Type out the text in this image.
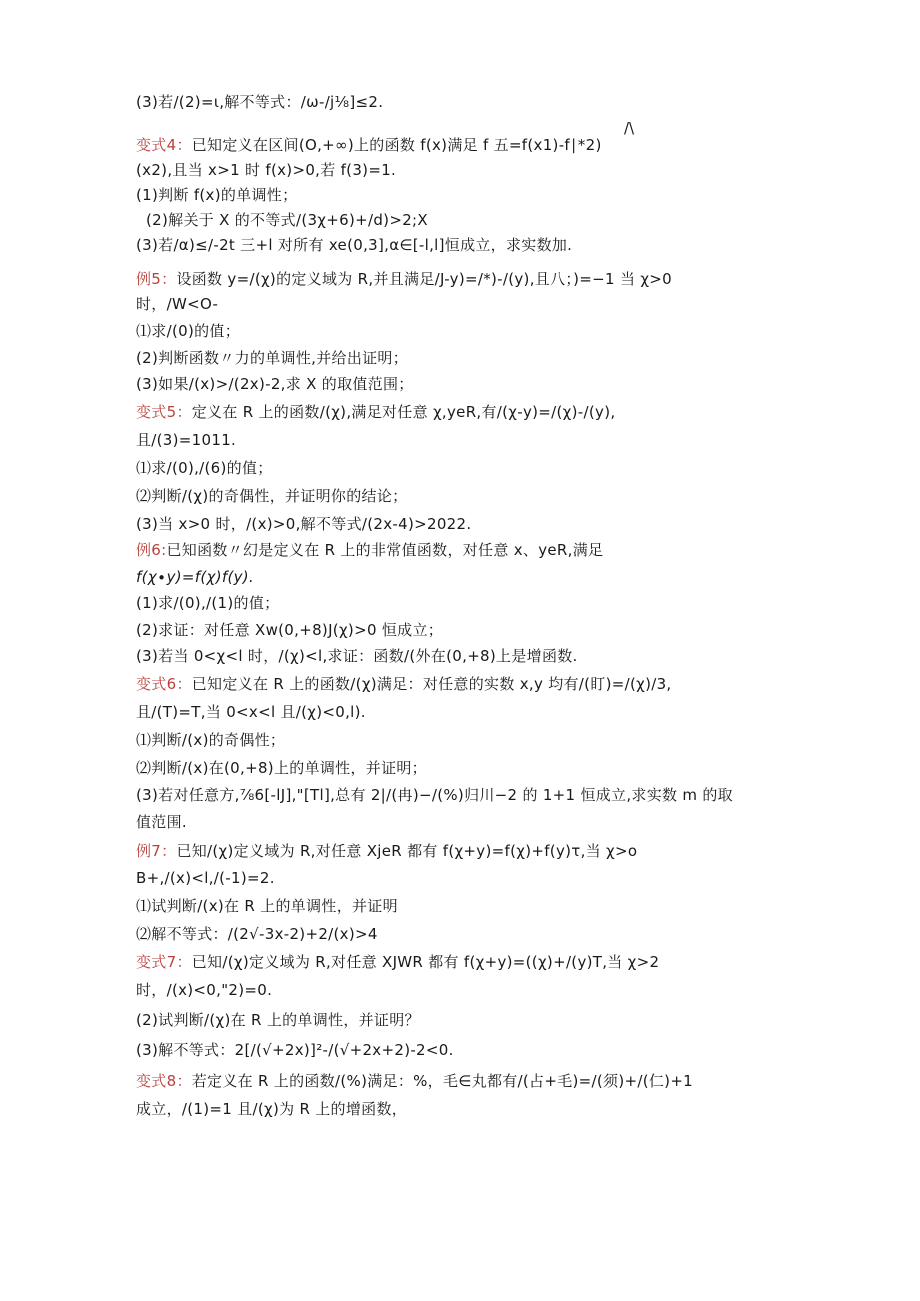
/\
(3)若/(2)=ι,解不等式：/ω-/j⅛]≤2.
变式4：已知定义在区间(O,+∞)上的函数 f(x)满足 f 五=f(x1)-f∣*2)
(x2),且当 x>1 时 f(x)>0,若 f(3)=1.
(1)判断 f(x)的单调性；
(2)解关于 X 的不等式/(3χ+6)+/d)>2;X
(3)若/α)≤/-2t 三+l 对所有 xe(0,3],α∈[-l,l]恒成立，求实数加.
例5：设函数 y=/(χ)的定义域为 R,并且满足/J-y)=/*)-/(y),且八；)=−1 当 χ>0
时，/W<O-
⑴求/(0)的值；
(2)判断函数〃力的单调性,并给出证明；
(3)如果/(x)>/(2x)-2,求 X 的取值范围；
变式5：定义在 R 上的函数/(χ),满足对任意 χ,yeR,有/(χ-y)=/(χ)-/(y),
且/(3)=1011.
⑴求/(0),/(6)的值；
⑵判断/(χ)的奇偶性，并证明你的结论；
(3)当 x>0 时，/(x)>0,解不等式/(2x-4)>2022.
例6:已知函数〃幻是定义在 R 上的非常值函数，对任意 x、yeR,满足
f(χ∙y)=f(χ)f(y).
(1)求/(0),/(1)的值；
(2)求证：对任意 Xw(0,+8)J(χ)>0 恒成立；
(3)若当 0<χ<l 时，/(χ)<l,求证：函数/(外在(0,+8)上是增函数.
变式6：已知定义在 R 上的函数/(χ)满足：对任意的实数 x,y 均有/(盯)=/(χ)∕3,
且/(T)=T,当 0<x<l 且/(χ)<0,l).
⑴判断/(x)的奇偶性；
⑵判断/(x)在(0,+8)上的单调性，并证明；
(3)若对任意方,⅞6[-lJ],"[Tl],总有 2|/(冉)−/(%)归川−2 的 1+1 恒成立,求实数 m 的取
值范围.
例7：已知/(χ)定义域为 R,对任意 XjeR 都有 f(χ+y)=f(χ)+f(y)τ,当 χ>o
B+,/(x)<l,/(-1)=2.
⑴试判断/(x)在 R 上的单调性，并证明
⑵解不等式：/(2√-3x-2)+2/(x)>4
变式7：已知/(χ)定义域为 R,对任意 XJWR 都有 f(χ+y)=((χ)+/(y)T,当 χ>2
时，/(x)<0,"2)=0.
(2)试判断/(χ)在 R 上的单调性，并证明？
(3)解不等式：2[/(√+2x)]²-/(√+2x+2)-2<0.
变式8：若定义在 R 上的函数/(%)满足：%，毛∈丸都有/(占+毛)=/(须)+/(仁)+1
成立，/(1)=1 且/(χ)为 R 上的增函数，
